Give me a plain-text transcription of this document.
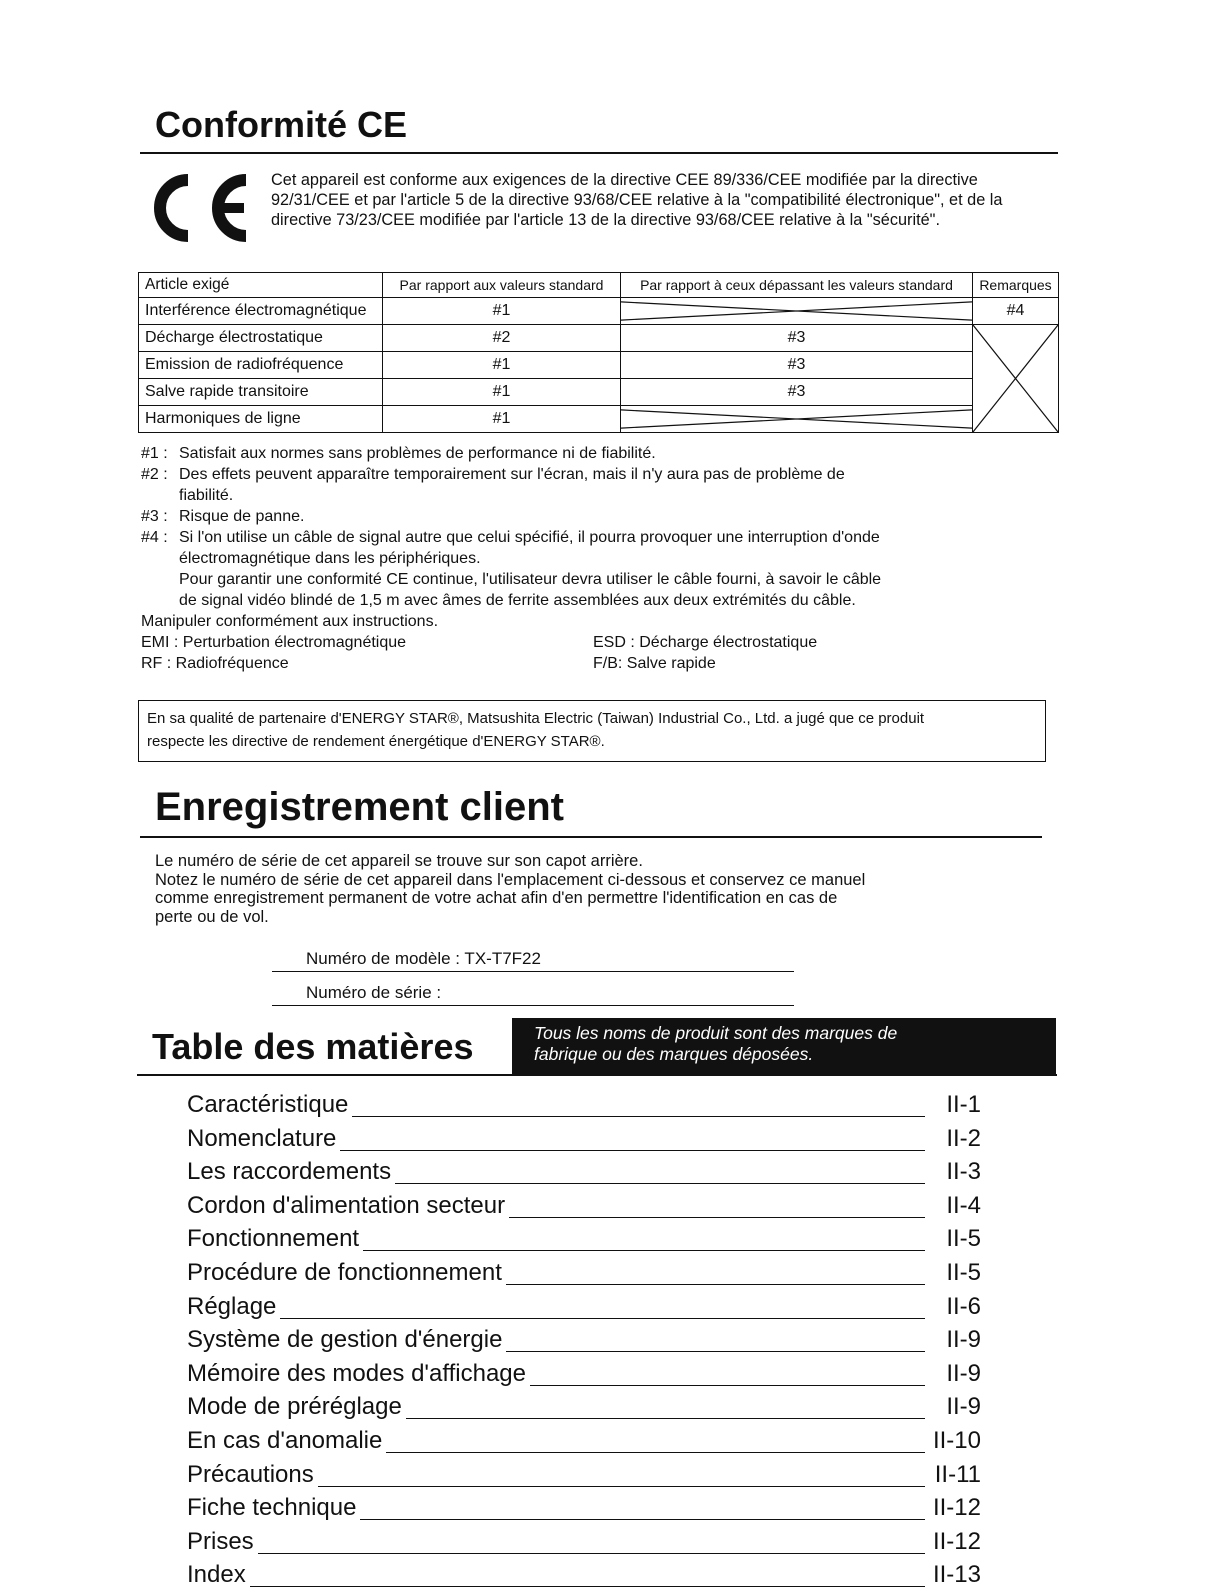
Conformité CE
Cet appareil est conforme aux exigences de la directive CEE 89/336/CEE modifiée par la directive 92/31/CEE et par l'article 5 de la directive 93/68/CEE relative à la "compatibilité électronique", et de la directive 73/23/CEE modifiée par l'article 13 de la directive 93/68/CEE relative à la "sécurité".
Article exigé	Par rapport aux valeurs standard	Par rapport à ceux dépassant les valeurs standard	Remarques
Interférence électromagnétique	#1		#4
Décharge électrostatique	#2	#3	

Emission de radiofréquence	#1	#3	
Salve rapide transitoire	#1	#3	
Harmoniques de ligne	#1	
#1 : Satisfait aux normes sans problèmes de performance ni de fiabilité.
#2 : Des effets peuvent apparaître temporairement sur l'écran, mais il n'y aura pas de problème de
fiabilité.
#3 : Risque de panne.
#4 : Si l'on utilise un câble de signal autre que celui spécifié, il pourra provoquer une interruption d'onde
électromagnétique dans les périphériques.
Pour garantir une conformité CE continue, l'utilisateur devra utiliser le câble fourni, à savoir le câble
de signal vidéo blindé de 1,5 m avec âmes de ferrite assemblées aux deux extrémités du câble.
Manipuler conformément aux instructions.
EMI : Perturbation électromagnétique	ESD : Décharge électrostatique
RF : Radiofréquence	F/B: Salve rapide
En sa qualité de partenaire d'ENERGY STAR®, Matsushita Electric (Taiwan) Industrial Co., Ltd. a jugé que ce produit
respecte les directive de rendement énergétique d'ENERGY STAR®.
Enregistrement client
Le numéro de série de cet appareil se trouve sur son capot arrière.
Notez le numéro de série de cet appareil dans l'emplacement ci-dessous et conservez ce manuel
comme enregistrement permanent de votre achat afin d'en permettre l'identification en cas de
perte ou de vol.
Numéro de modèle : TX-T7F22
Numéro de série :
Table des matières	Tous les noms de produit sont des marques de
fabrique ou des marques déposées.
Caractéristique	II-1
Nomenclature	II-2
Les raccordements	II-3
Cordon d'alimentation secteur	II-4
Fonctionnement	II-5
Procédure de fonctionnement	II-5
Réglage	II-6
Système de gestion d'énergie	II-9
Mémoire des modes d'affichage	II-9
Mode de préréglage	II-9
En cas d'anomalie	II-10
Précautions	II-11
Fiche technique	II-12
Prises	II-12
Index	II-13
